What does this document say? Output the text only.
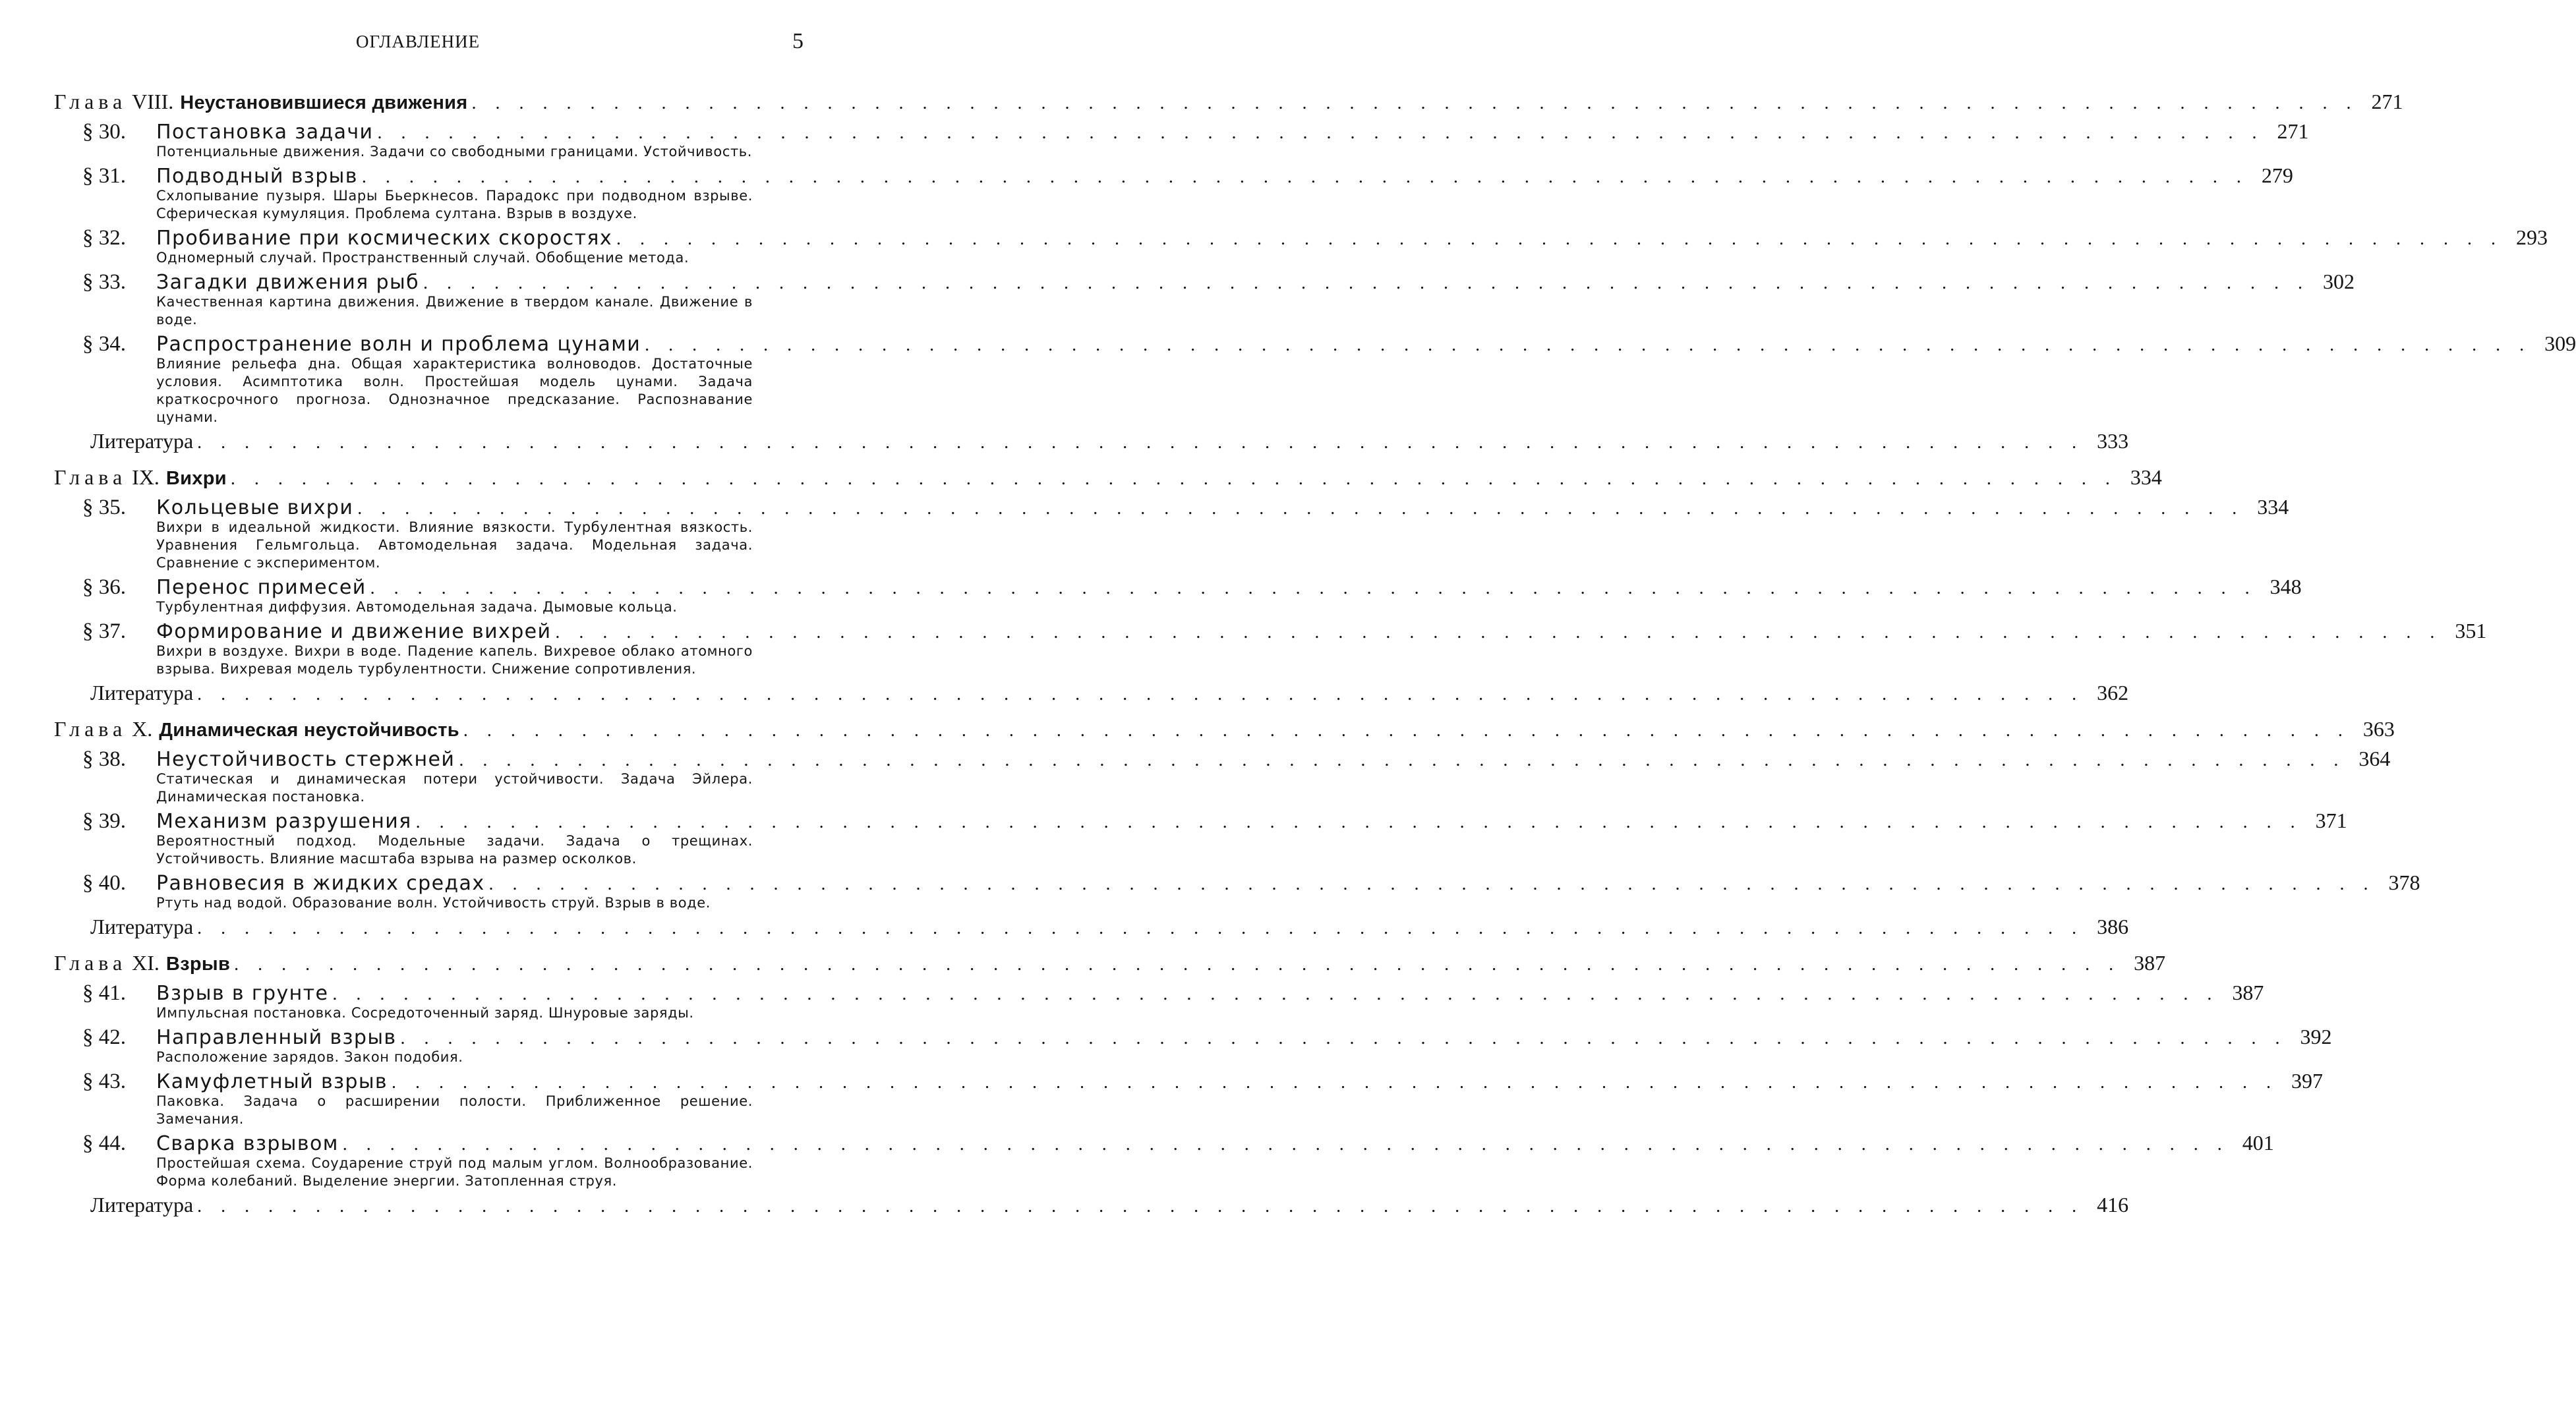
ОГЛАВЛЕНИЕ	5
Глава VIII. Неустановившиеся движения . . . . . . . . . . . . . . . . . . . . . . . . . . . . . . . . . . . . . . . . . . . . . . . . . . . . . . . . . . . . . . . . . . . . . . . . . . . . . . . . 271
§ 30.	Постановка задачи . . . . . . . . . . . . . . . . . . . . . . . . . . . . . . . . . . . . . . . . . . . . . . . . . . . . . . . . . . . . . . . . . . . . . . . . . . . . . . . . 271
Потенциальные движения. Задачи со свободными границами. Устойчивость.
§ 31.	Подводный взрыв . . . . . . . . . . . . . . . . . . . . . . . . . . . . . . . . . . . . . . . . . . . . . . . . . . . . . . . . . . . . . . . . . . . . . . . . . . . . . . . . 279
Схлопывание пузыря. Шары Бьеркнесов. Парадокс при подводном взрыве. Сферическая кумуляция. Проблема султана. Взрыв в воздухе.
§ 32.	Пробивание при космических скоростях . . . . . . . . . . . . . . . . . . . . . . . . . . . . . . . . . . . . . . . . . . . . . . . . . . . . . . . . . . . . . . . . . . . . . . . . . . . . . . . . 293
Одномерный случай. Пространственный случай. Обобщение метода.
§ 33.	Загадки движения рыб . . . . . . . . . . . . . . . . . . . . . . . . . . . . . . . . . . . . . . . . . . . . . . . . . . . . . . . . . . . . . . . . . . . . . . . . . . . . . . . . 302
Качественная картина движения. Движение в твердом канале. Движение в воде.
§ 34.	Распространение волн и проблема цунами . . . . . . . . . . . . . . . . . . . . . . . . . . . . . . . . . . . . . . . . . . . . . . . . . . . . . . . . . . . . . . . . . . . . . . . . . . . . . . . . 309
Влияние рельефа дна. Общая характеристика волноводов. Достаточные условия. Асимптотика волн. Простейшая модель цунами. Задача краткосрочного прогноза. Однозначное предсказание. Распознавание цунами.
Литература . . . . . . . . . . . . . . . . . . . . . . . . . . . . . . . . . . . . . . . . . . . . . . . . . . . . . . . . . . . . . . . . . . . . . . . . . . . . . . . . 333
Глава IX. Вихри . . . . . . . . . . . . . . . . . . . . . . . . . . . . . . . . . . . . . . . . . . . . . . . . . . . . . . . . . . . . . . . . . . . . . . . . . . . . . . . . 334
§ 35.	Кольцевые вихри . . . . . . . . . . . . . . . . . . . . . . . . . . . . . . . . . . . . . . . . . . . . . . . . . . . . . . . . . . . . . . . . . . . . . . . . . . . . . . . . 334
Вихри в идеальной жидкости. Влияние вязкости. Турбулентная вязкость. Уравнения Гельмгольца. Автомодельная задача. Модельная задача. Сравнение с экспериментом.
§ 36.	Перенос примесей . . . . . . . . . . . . . . . . . . . . . . . . . . . . . . . . . . . . . . . . . . . . . . . . . . . . . . . . . . . . . . . . . . . . . . . . . . . . . . . . 348
Турбулентная диффузия. Автомодельная задача. Дымовые кольца.
§ 37.	Формирование и движение вихрей . . . . . . . . . . . . . . . . . . . . . . . . . . . . . . . . . . . . . . . . . . . . . . . . . . . . . . . . . . . . . . . . . . . . . . . . . . . . . . . . 351
Вихри в воздухе. Вихри в воде. Падение капель. Вихревое облако атомного взрыва. Вихревая модель турбулентности. Снижение сопротивления.
Литература . . . . . . . . . . . . . . . . . . . . . . . . . . . . . . . . . . . . . . . . . . . . . . . . . . . . . . . . . . . . . . . . . . . . . . . . . . . . . . . . 362
Глава X. Динамическая неустойчивость . . . . . . . . . . . . . . . . . . . . . . . . . . . . . . . . . . . . . . . . . . . . . . . . . . . . . . . . . . . . . . . . . . . . . . . . . . . . . . . . 363
§ 38.	Неустойчивость стержней . . . . . . . . . . . . . . . . . . . . . . . . . . . . . . . . . . . . . . . . . . . . . . . . . . . . . . . . . . . . . . . . . . . . . . . . . . . . . . . . 364
Статическая и динамическая потери устойчивости. Задача Эйлера. Динамическая постановка.
§ 39.	Механизм разрушения . . . . . . . . . . . . . . . . . . . . . . . . . . . . . . . . . . . . . . . . . . . . . . . . . . . . . . . . . . . . . . . . . . . . . . . . . . . . . . . . 371
Вероятностный подход. Модельные задачи. Задача о трещинах. Устойчивость. Влияние масштаба взрыва на размер осколков.
§ 40.	Равновесия в жидких средах . . . . . . . . . . . . . . . . . . . . . . . . . . . . . . . . . . . . . . . . . . . . . . . . . . . . . . . . . . . . . . . . . . . . . . . . . . . . . . . . 378
Ртуть над водой. Образование волн. Устойчивость струй. Взрыв в воде.
Литература . . . . . . . . . . . . . . . . . . . . . . . . . . . . . . . . . . . . . . . . . . . . . . . . . . . . . . . . . . . . . . . . . . . . . . . . . . . . . . . . 386
Глава XI. Взрыв . . . . . . . . . . . . . . . . . . . . . . . . . . . . . . . . . . . . . . . . . . . . . . . . . . . . . . . . . . . . . . . . . . . . . . . . . . . . . . . . 387
§ 41.	Взрыв в грунте . . . . . . . . . . . . . . . . . . . . . . . . . . . . . . . . . . . . . . . . . . . . . . . . . . . . . . . . . . . . . . . . . . . . . . . . . . . . . . . . 387
Импульсная постановка. Сосредоточенный заряд. Шнуровые заряды.
§ 42.	Направленный взрыв . . . . . . . . . . . . . . . . . . . . . . . . . . . . . . . . . . . . . . . . . . . . . . . . . . . . . . . . . . . . . . . . . . . . . . . . . . . . . . . . 392
Расположение зарядов. Закон подобия.
§ 43.	Камуфлетный взрыв . . . . . . . . . . . . . . . . . . . . . . . . . . . . . . . . . . . . . . . . . . . . . . . . . . . . . . . . . . . . . . . . . . . . . . . . . . . . . . . . 397
Паковка. Задача о расширении полости. Приближенное решение. Замечания.
§ 44.	Сварка взрывом . . . . . . . . . . . . . . . . . . . . . . . . . . . . . . . . . . . . . . . . . . . . . . . . . . . . . . . . . . . . . . . . . . . . . . . . . . . . . . . . 401
Простейшая схема. Соударение струй под малым углом. Волнообразование. Форма колебаний. Выделение энергии. Затопленная струя.
Литература . . . . . . . . . . . . . . . . . . . . . . . . . . . . . . . . . . . . . . . . . . . . . . . . . . . . . . . . . . . . . . . . . . . . . . . . . . . . . . . . 416
